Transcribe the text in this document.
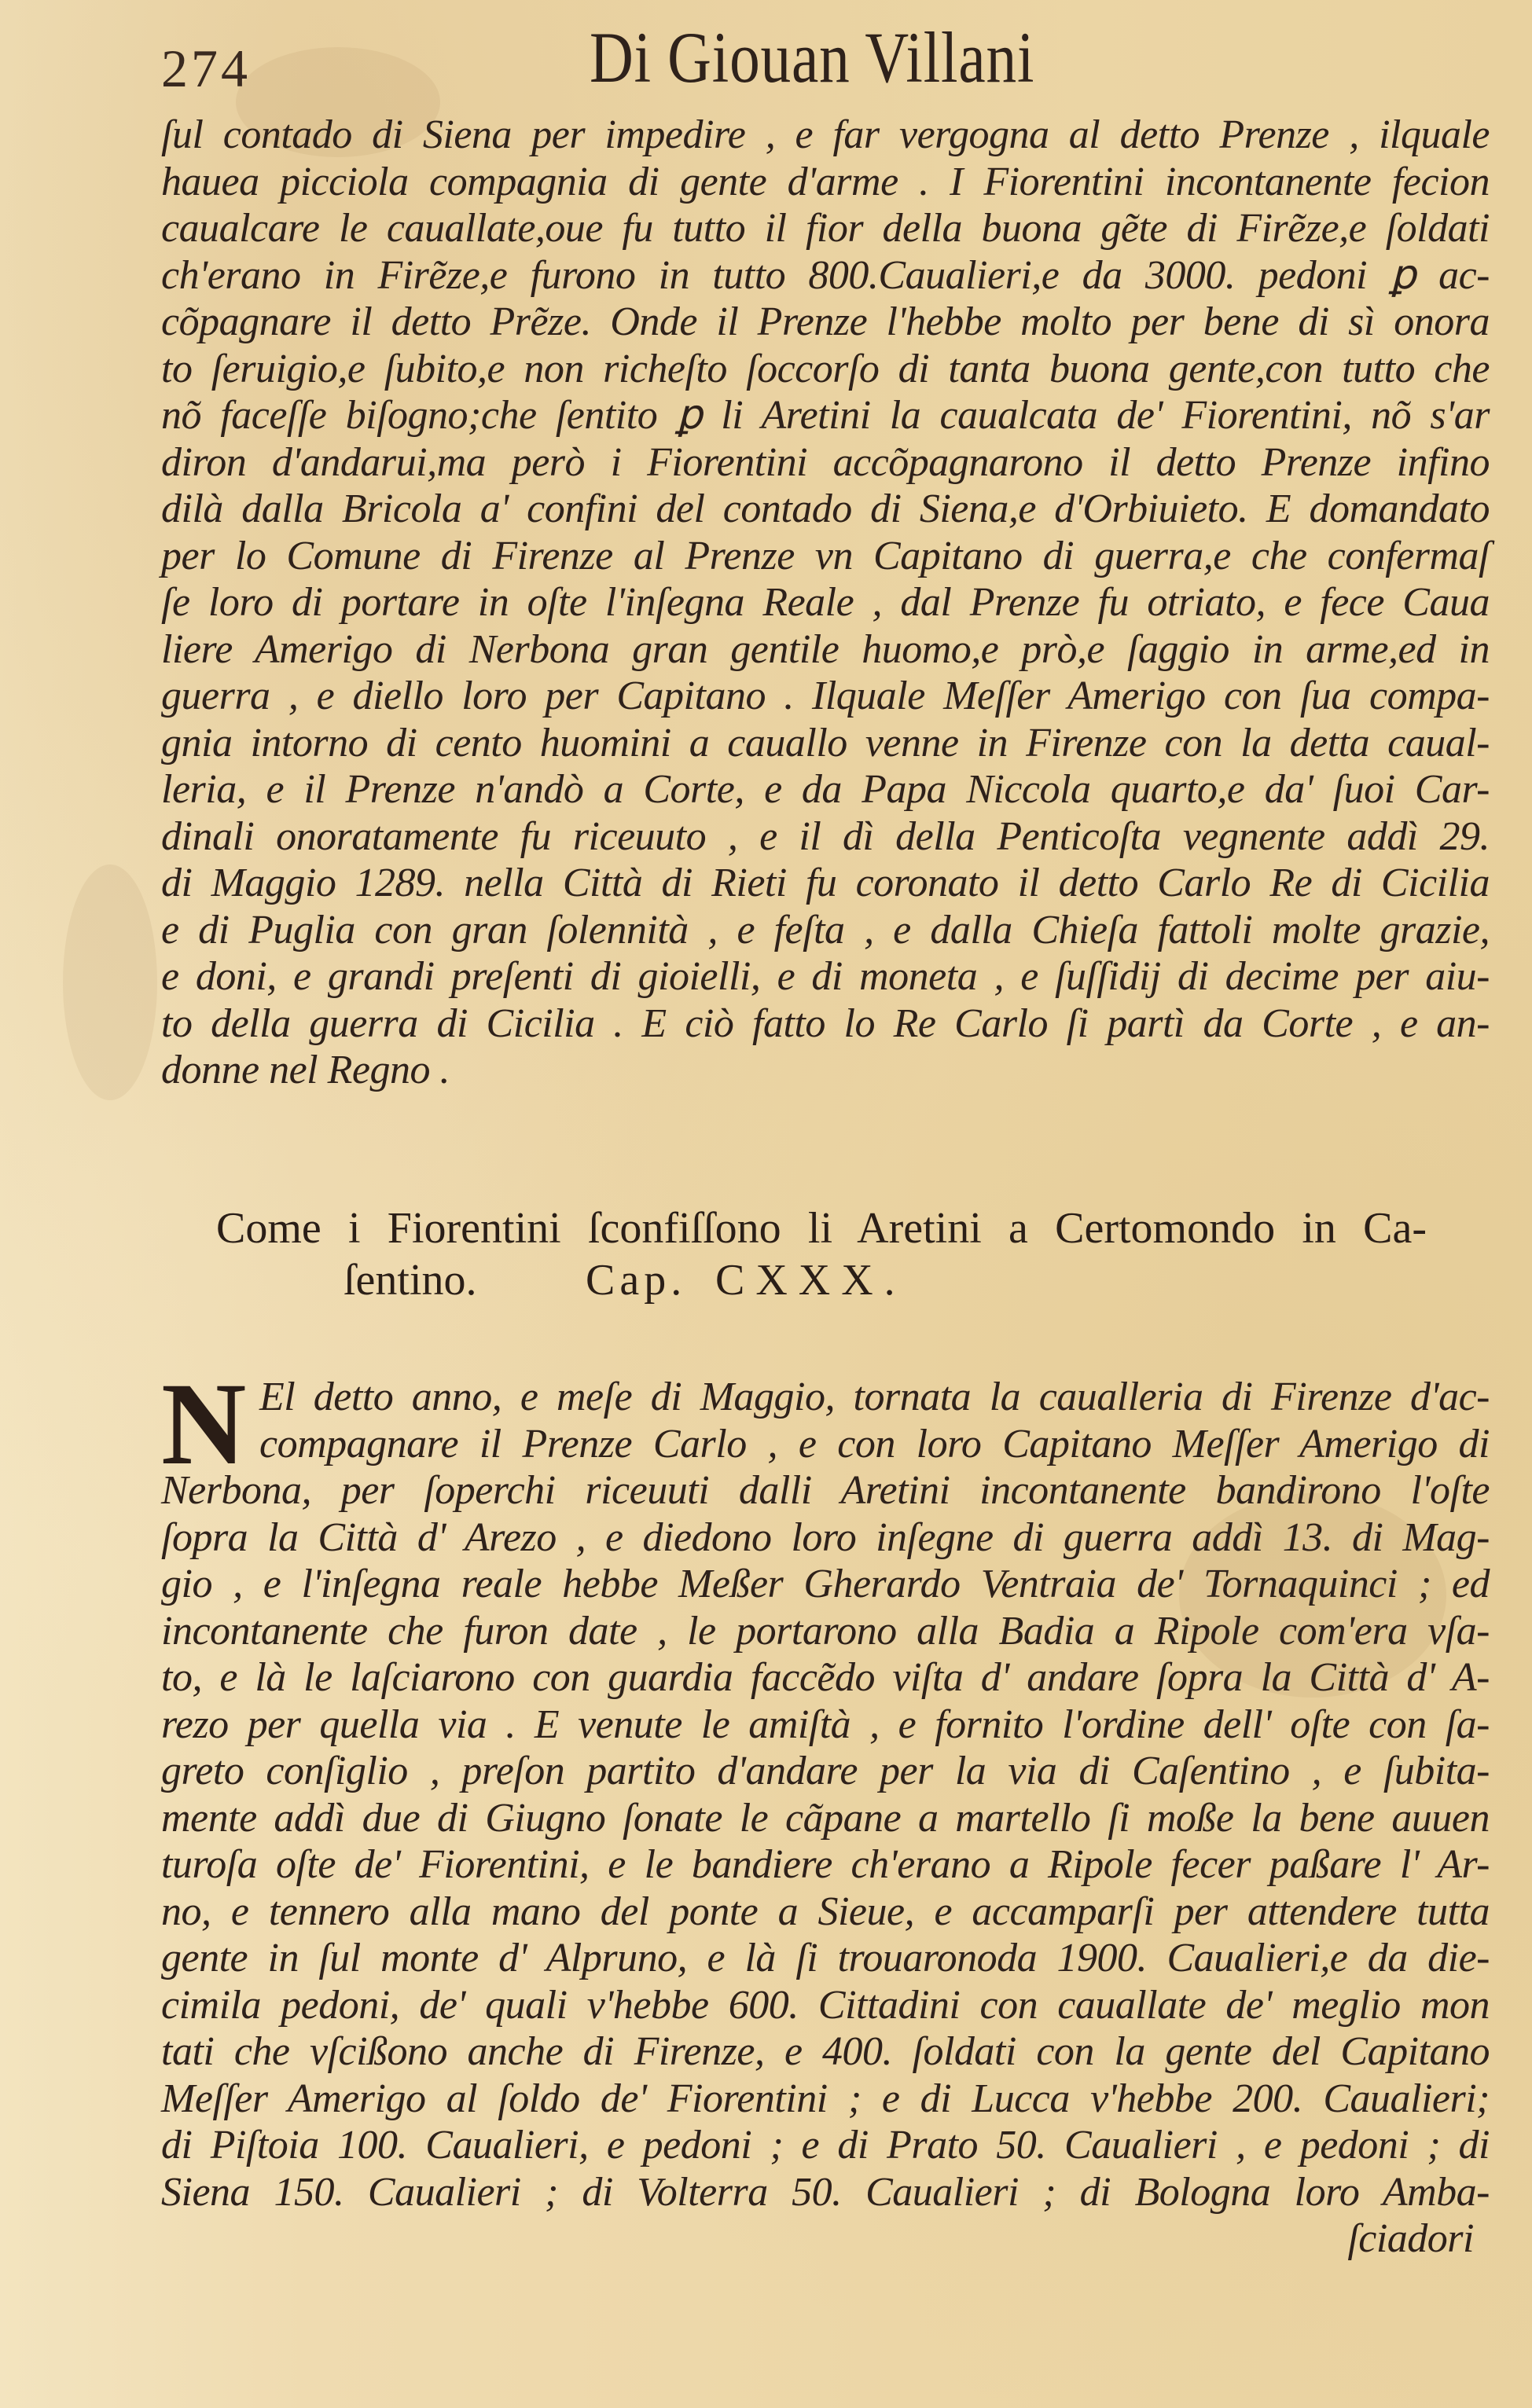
274	Di Giouan Villani
ſul contado di Siena per impedire , e far vergogna al detto Prenze , ilquale
hauea picciola compagnia di gente d'arme . I Fiorentini incontanente fecion
caualcare le cauallate,oue fu tutto il fior della buona gẽte di Firẽze,e ſoldati
ch'erano in Firẽze,e furono in tutto 800.Caualieri,e da 3000. pedoni ꝑ ac-
cõpagnare il detto Prẽze. Onde il Prenze l'hebbe molto per bene di sì onora
to ſeruigio,e ſubito,e non richeſto ſoccorſo di tanta buona gente,con tutto che
nõ faceſſe biſogno;che ſentito ꝑ li Aretini la caualcata de' Fiorentini, nõ s'ar
diron d'andarui,ma però i Fiorentini accõpagnarono il detto Prenze infino
dilà dalla Bricola a' confini del contado di Siena,e d'Orbiuieto. E domandato
per lo Comune di Firenze al Prenze vn Capitano di guerra,e che confermaſ
ſe loro di portare in oſte l'inſegna Reale , dal Prenze fu otriato, e fece Caua
liere Amerigo di Nerbona gran gentile huomo,e prò,e ſaggio in arme,ed in
guerra , e diello loro per Capitano . Ilquale Meſſer Amerigo con ſua compa-
gnia intorno di cento huomini a cauallo venne in Firenze con la detta caual-
leria, e il Prenze n'andò a Corte, e da Papa Niccola quarto,e da' ſuoi Car-
dinali onoratamente fu riceuuto , e il dì della Penticoſta vegnente addì 29.
di Maggio 1289. nella Città di Rieti fu coronato il detto Carlo Re di Cicilia
e di Puglia con gran ſolennità , e feſta , e dalla Chieſa fattoli molte grazie,
e doni, e grandi preſenti di gioielli, e di moneta , e ſuſſidij di decime per aiu-
to della guerra di Cicilia . E ciò fatto lo Re Carlo ſi partì da Corte , e an-
donne nel Regno .
Come i Fiorentini ſconfiſſono li Aretini a Certomondo in Ca-
ſentino. Cap. CXXX.
N El detto anno, e meſe di Maggio, tornata la caualleria di Firenze d'ac-
compagnare il Prenze Carlo , e con loro Capitano Meſſer Amerigo di
Nerbona, per ſoperchi riceuuti dalli Aretini incontanente bandirono l'oſte
ſopra la Città d' Arezo , e diedono loro inſegne di guerra addì 13. di Mag-
gio , e l'inſegna reale hebbe Meßer Gherardo Ventraia de' Tornaquinci ; ed
incontanente che furon date , le portarono alla Badia a Ripole com'era vſa-
to, e là le laſciarono con guardia faccẽdo viſta d' andare ſopra la Città d' A-
rezo per quella via . E venute le amiſtà , e fornito l'ordine dell' oſte con ſa-
greto conſiglio , preſon partito d'andare per la via di Caſentino , e ſubita-
mente addì due di Giugno ſonate le cãpane a martello ſi moßе la bene auuen
turoſa oſte de' Fiorentini, e le bandiere ch'erano a Ripole fecer paßare l' Ar-
no, e tennero alla mano del ponte a Sieue, e accamparſi per attendere tutta
gente in ſul monte d' Alpruno, e là ſi trouaronoda 1900. Caualieri,e da die-
cimila pedoni, de' quali v'hebbe 600. Cittadini con cauallate de' meglio mon
tati che vſcißono anche di Firenze, e 400. ſoldati con la gente del Capitano
Meſſer Amerigo al ſoldo de' Fiorentini ; e di Lucca v'hebbe 200. Caualieri;
di Piſtoia 100. Caualieri, e pedoni ; e di Prato 50. Caualieri , e pedoni ; di
Siena 150. Caualieri ; di Volterra 50. Caualieri ; di Bologna loro Amba-
ſciadori
